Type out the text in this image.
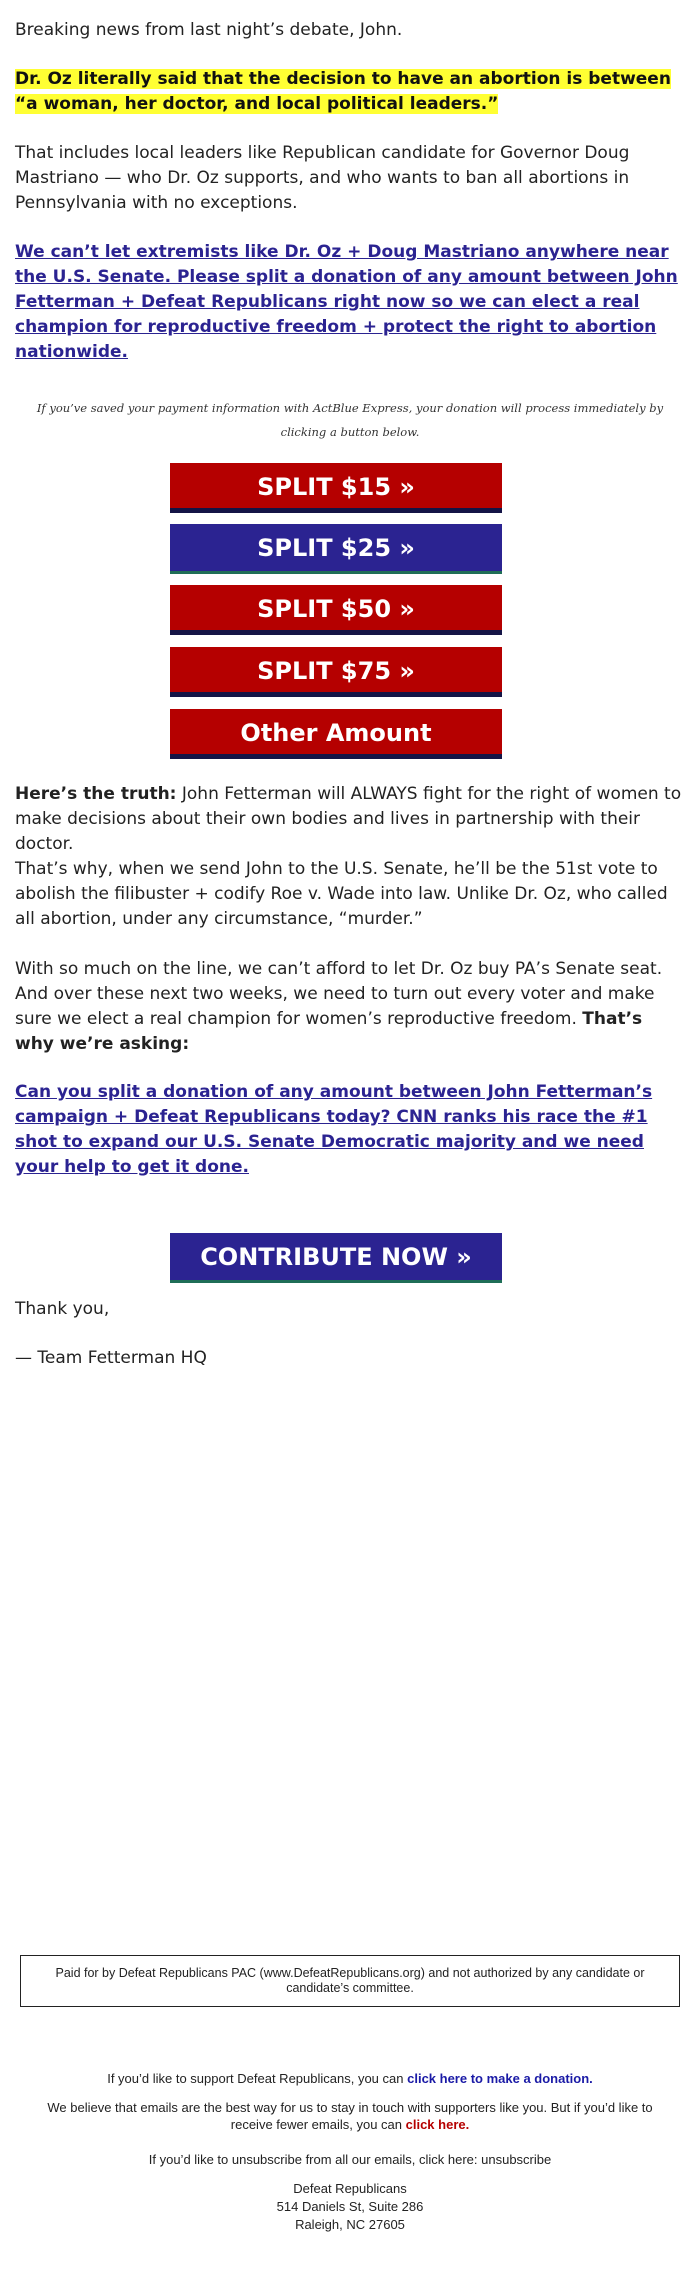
Breaking news from last night’s debate, John.

Dr. Oz literally said that the decision to have an abortion is between “a woman, her doctor, and local political leaders.”

That includes local leaders like Republican candidate for Governor Doug Mastriano — who Dr. Oz supports, and who wants to ban all abortions in Pennsylvania with no exceptions.

We can’t let extremists like Dr. Oz + Doug Mastriano anywhere near the U.S. Senate. Please split a donation of any amount between John Fetterman + Defeat Republicans right now so we can elect a real champion for reproductive freedom + protect the right to abortion nationwide.

If you’ve saved your payment information with ActBlue Express, your donation will process immediately by clicking a button below.

SPLIT $15 »
SPLIT $25 »
SPLIT $50 »
SPLIT $75 »
Other Amount

Here’s the truth: John Fetterman will ALWAYS fight for the right of women to make decisions about their own bodies and lives in partnership with their doctor.

That’s why, when we send John to the U.S. Senate, he’ll be the 51st vote to abolish the filibuster + codify Roe v. Wade into law. Unlike Dr. Oz, who called all abortion, under any circumstance, “murder.”

With so much on the line, we can’t afford to let Dr. Oz buy PA’s Senate seat. And over these next two weeks, we need to turn out every voter and make sure we elect a real champion for women’s reproductive freedom. That’s why we’re asking:

Can you split a donation of any amount between John Fetterman’s campaign + Defeat Republicans today? CNN ranks his race the #1 shot to expand our U.S. Senate Democratic majority and we need your help to get it done.

Thank you,

— Team Fetterman HQ

CONTRIBUTE NOW »
Paid for by Defeat Republicans PAC (www.DefeatRepublicans.org) and not authorized by any candidate or candidate’s committee.
If you’d like to support Defeat Republicans, you can click here to make a donation.
We believe that emails are the best way for us to stay in touch with supporters like you. But if you’d like to receive fewer emails, you can click here.
If you’d like to unsubscribe from all our emails, click here: unsubscribe
Defeat Republicans
514 Daniels St, Suite 286
Raleigh, NC 27605
